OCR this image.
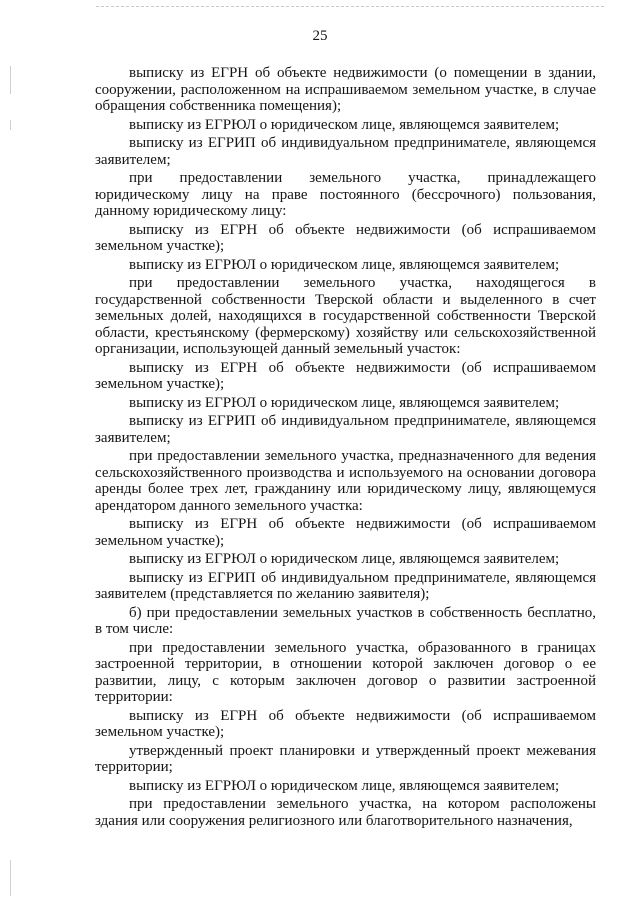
25

выписку из ЕГРН об объекте недвижимости (о помещении в здании, сооружении, расположенном на испрашиваемом земельном участке, в случае обращения собственника помещения);

выписку из ЕГРЮЛ о юридическом лице, являющемся заявителем;

выписку из ЕГРИП об индивидуальном предпринимателе, являющемся заявителем;

при предоставлении земельного участка, принадлежащего юридическому лицу на праве постоянного (бессрочного) пользования, данному юридическому лицу:

выписку из ЕГРН об объекте недвижимости (об испрашиваемом земельном участке);

выписку из ЕГРЮЛ о юридическом лице, являющемся заявителем;

при предоставлении земельного участка, находящегося в государственной собственности Тверской области и выделенного в счет земельных долей, находящихся в государственной собственности Тверской области, крестьянскому (фермерскому) хозяйству или сельскохозяйственной организации, использующей данный земельный участок:

выписку из ЕГРН об объекте недвижимости (об испрашиваемом земельном участке);

выписку из ЕГРЮЛ о юридическом лице, являющемся заявителем;

выписку из ЕГРИП об индивидуальном предпринимателе, являющемся заявителем;

при предоставлении земельного участка, предназначенного для ведения сельскохозяйственного производства и используемого на основании договора аренды более трех лет, гражданину или юридическому лицу, являющемуся арендатором данного земельного участка:

выписку из ЕГРН об объекте недвижимости (об испрашиваемом земельном участке);

выписку из ЕГРЮЛ о юридическом лице, являющемся заявителем;

выписку из ЕГРИП об индивидуальном предпринимателе, являющемся заявителем (представляется по желанию заявителя);

б) при предоставлении земельных участков в собственность бесплатно, в том числе:

при предоставлении земельного участка, образованного в границах застроенной территории, в отношении которой заключен договор о ее развитии, лицу, с которым заключен договор о развитии застроенной территории:

выписку из ЕГРН об объекте недвижимости (об испрашиваемом земельном участке);

утвержденный проект планировки и утвержденный проект межевания территории;

выписку из ЕГРЮЛ о юридическом лице, являющемся заявителем;

при предоставлении земельного участка, на котором расположены здания или сооружения религиозного или благотворительного назначения,
